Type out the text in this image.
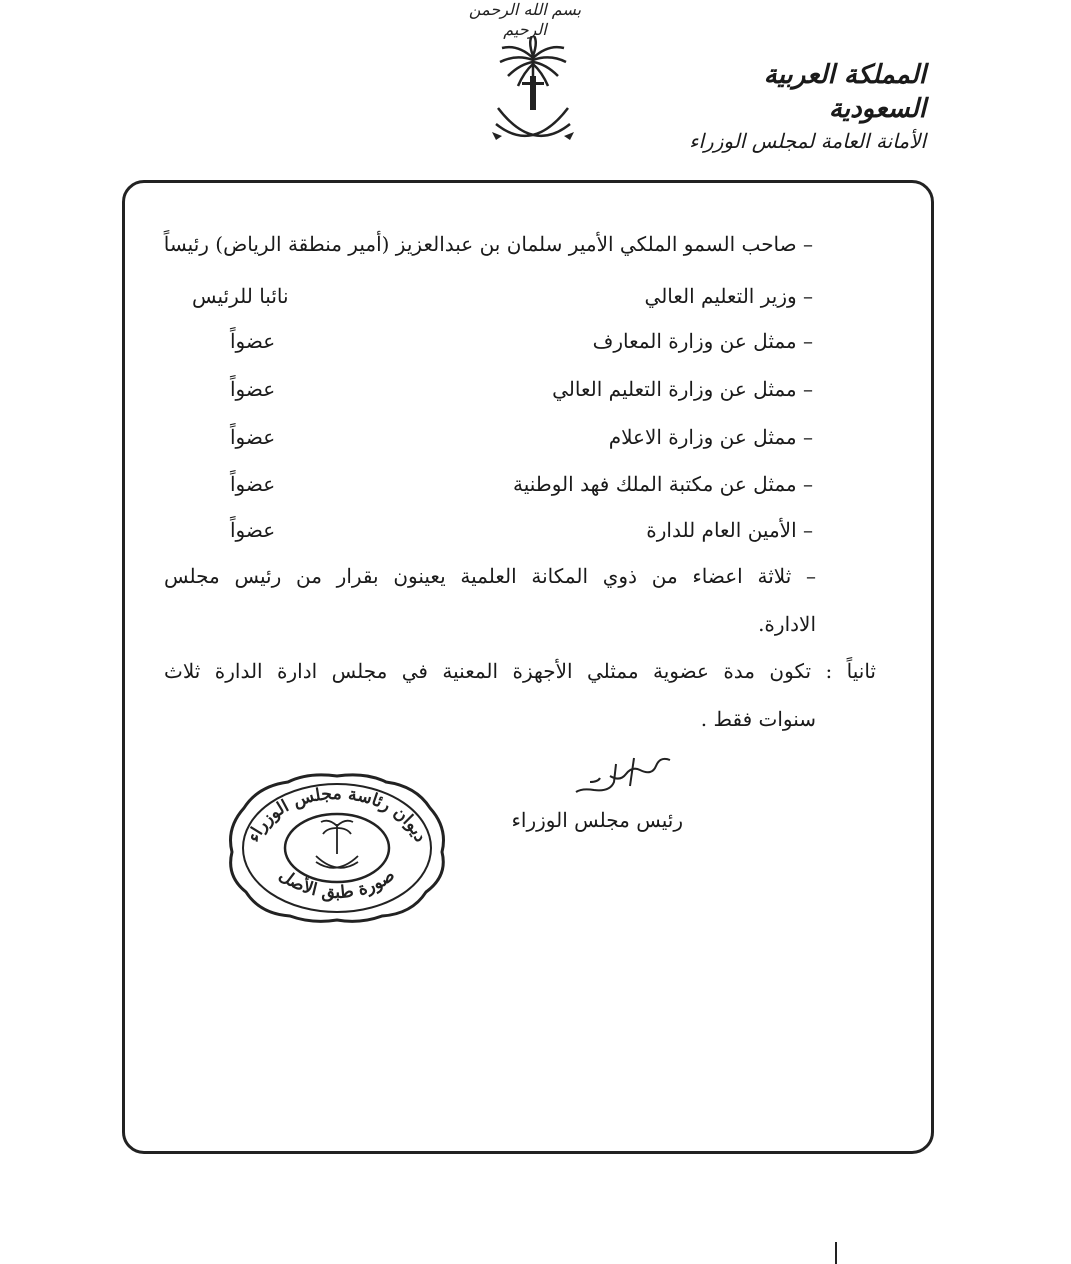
بسم الله الرحمن الرحيم
المملكة العربية السعودية
الأمانة العامة لمجلس الوزراء
– صاحب السمو الملكي الأمير سلمان بن عبدالعزيز (أمير منطقة الرياض) رئيساً
– وزير التعليم العالي
نائبا للرئيس
– ممثل عن وزارة المعارف
عضواً
– ممثل عن وزارة التعليم العالي
عضواً
– ممثل عن وزارة الاعلام
عضواً
– ممثل عن مكتبة الملك فهد الوطنية
عضواً
– الأمين العام للدارة
عضواً
– ثلاثة اعضاء من ذوي المكانة العلمية يعينون بقرار من رئيس مجلس
الادارة.
ثانياً : تكون مدة عضوية ممثلي الأجهزة المعنية في مجلس ادارة الدارة ثلاث
سنوات فقط .
رئيس مجلس الوزراء
ديوان رئاسة مجلس الوزراء
صورة طبق الأصل
